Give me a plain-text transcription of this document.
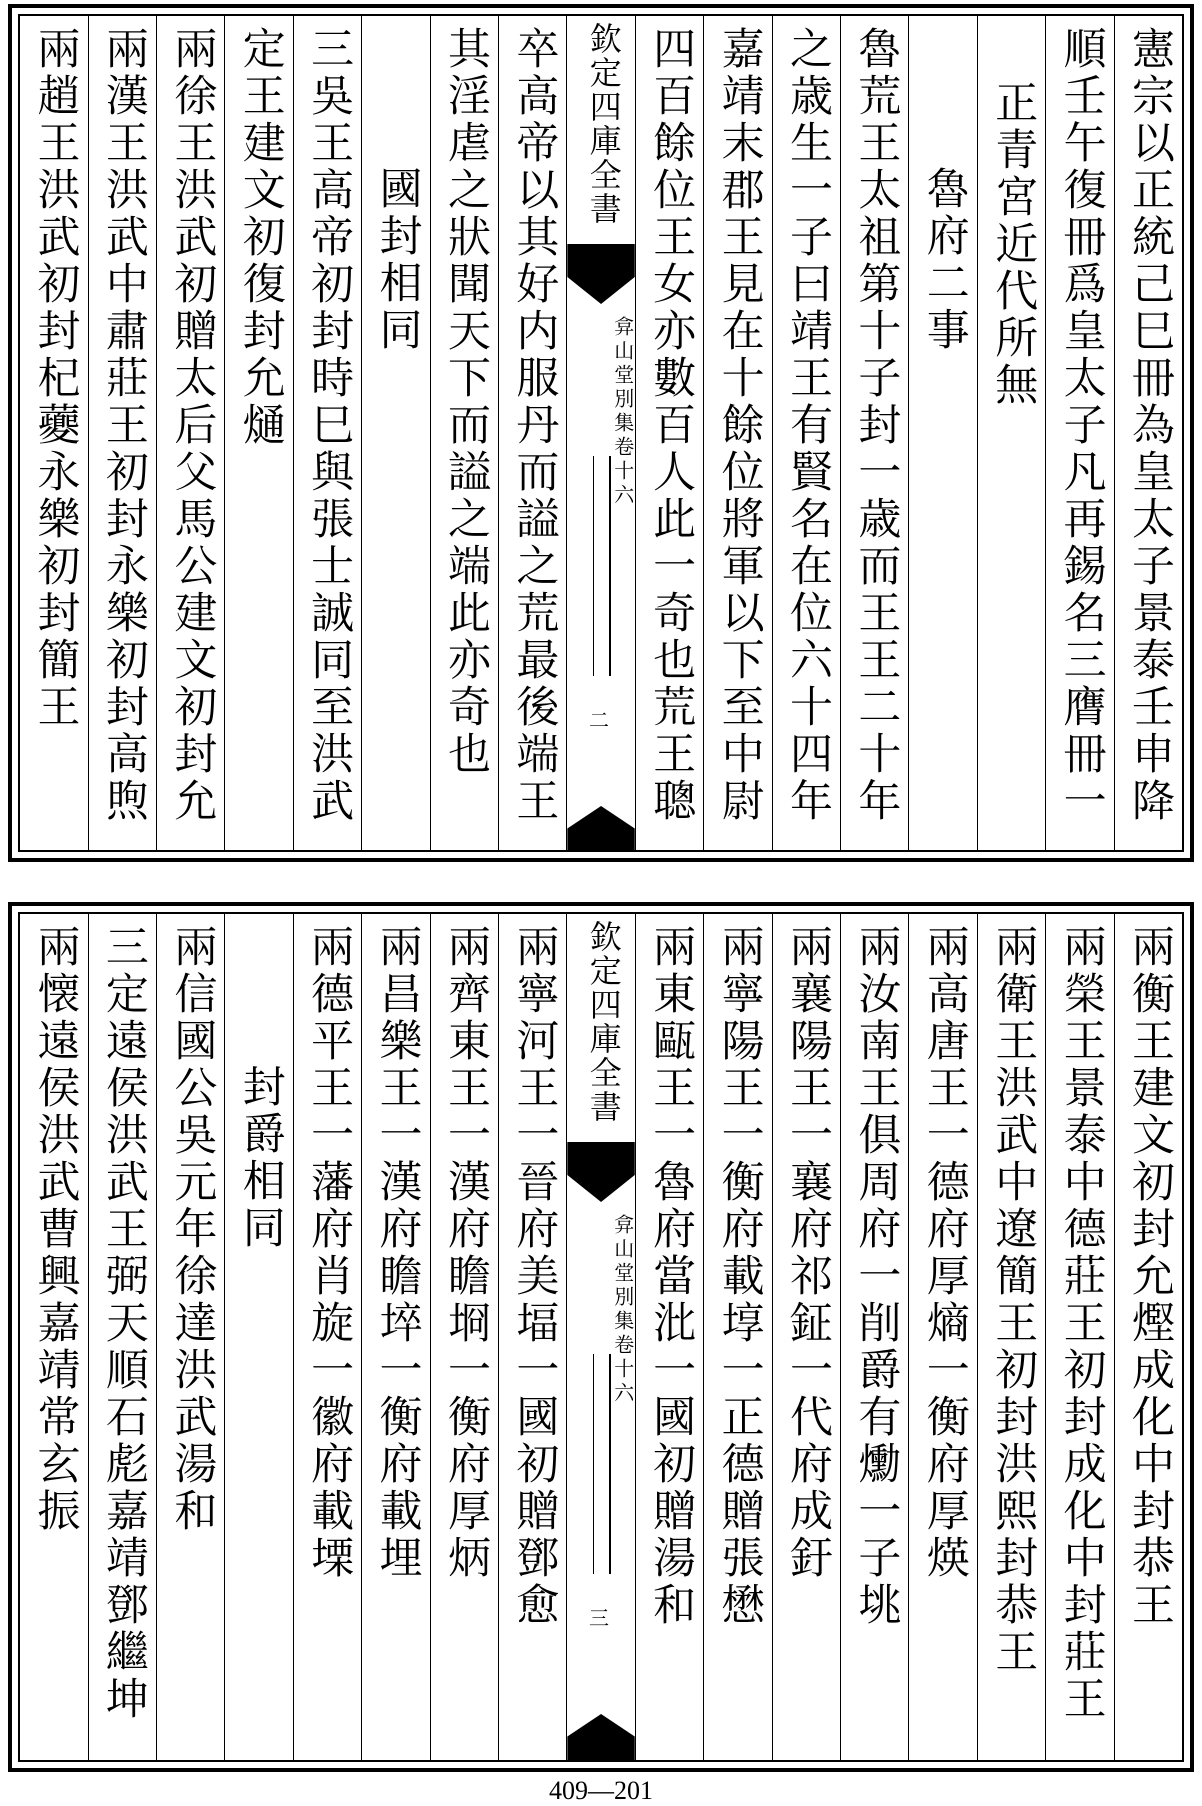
憲宗以正統己巳冊為皇太子景泰壬申降
順壬午復冊爲皇太子凡再錫名三膺冊一
正青宮近代所無
魯府二事
魯荒王太祖第十子封一歳而王王二十年
之歳生一子曰靖王有賢名在位六十四年
嘉靖末郡王見在十餘位將軍以下至中尉
四百餘位王女亦數百人此一奇也荒王聰
欽定四庫全書
弇山堂別集
卷十六
二
卒高帝以其好内服丹而謚之荒最後端王
其淫虐之狀聞天下而謚之端此亦奇也
國封相同
三吳王高帝初封時巳與張士誠同至洪武
定王建文初復封允熥
兩徐王洪武初贈太后父馬公建文初封允
兩漢王洪武中肅莊王初封永樂初封高煦
兩趙王洪武初封杞虁永樂初封簡王
兩衡王建文初封允熞成化中封恭王
兩榮王景泰中德莊王初封成化中封莊王
兩衛王洪武中遼簡王初封洪熙封恭王
兩高唐王一德府厚熵一衡府厚煐
兩汝南王俱周府一削爵有爋一子垗
兩襄陽王一襄府祁鉦一代府成釪
兩寧陽王一衡府載埻一正德贈張懋
兩東甌王一魯府當沘一國初贈湯和
欽定四庫全書
弇山堂別集
卷十六
三
兩寧河王一晉府美堛一國初贈鄧愈
兩齊東王一漢府瞻埛一衡府厚炳
兩昌樂王一漢府瞻埣一衡府載埋
兩德平王一藩府肖旋一徽府載塛
封爵相同
兩信國公吳元年徐達洪武湯和
三定遠侯洪武王弼天順石彪嘉靖鄧繼坤
兩懐遠侯洪武曹興嘉靖常玄振
409—201
